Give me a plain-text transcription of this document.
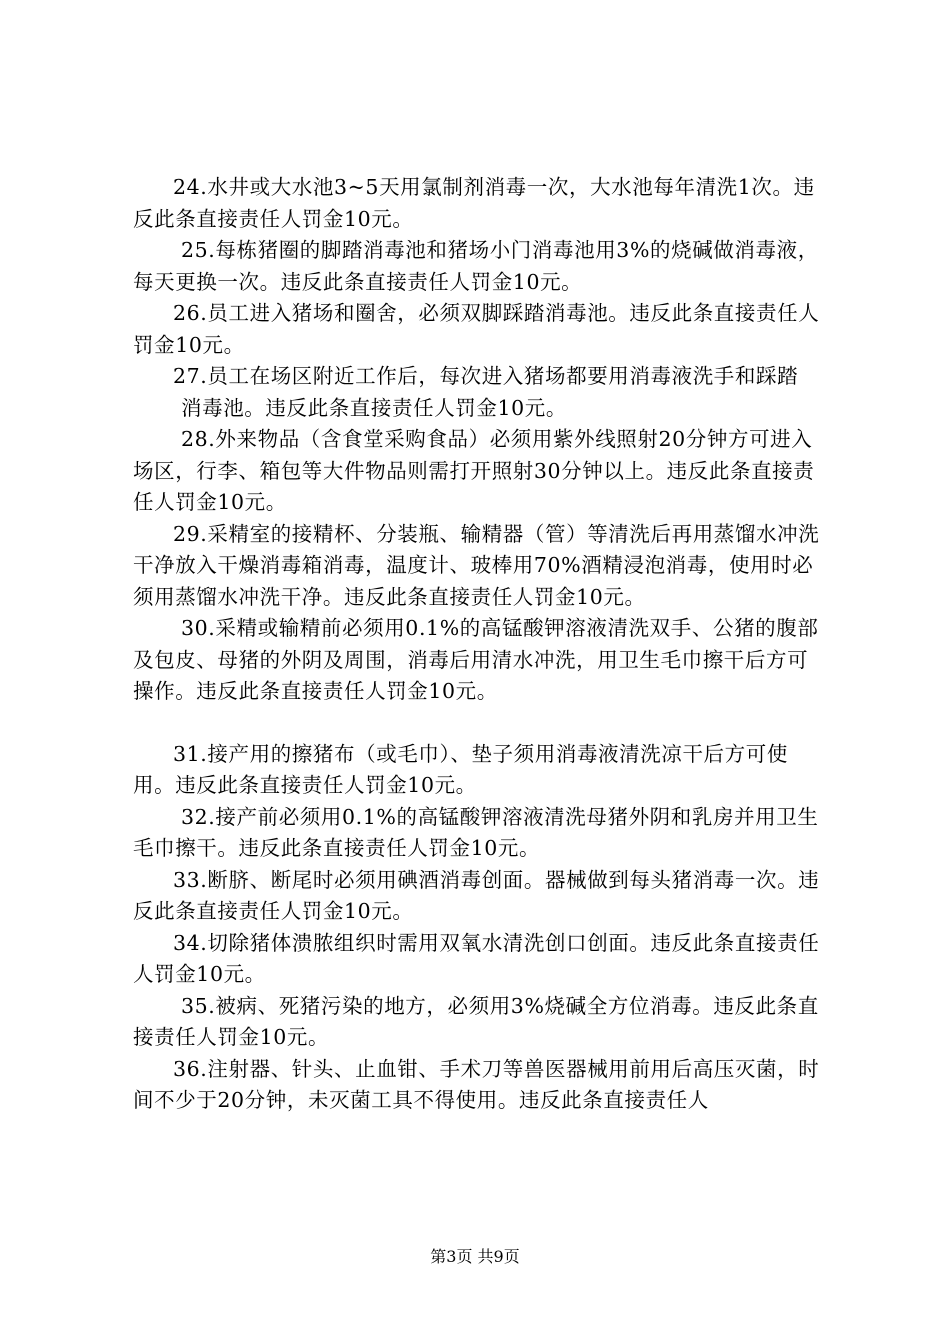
24.水井或大水池3~5天用氯制剂消毒一次，大水池每年清洗1次。违反此条直接责任人罚金10元。

25.每栋猪圈的脚踏消毒池和猪场小门消毒池用3%的烧碱做消毒液，每天更换一次。违反此条直接责任人罚金10元。

26.员工进入猪场和圈舍，必须双脚踩踏消毒池。违反此条直接责任人罚金10元。

27.员工在场区附近工作后，每次进入猪场都要用消毒液洗手和踩踏

消毒池。违反此条直接责任人罚金10元。

28.外来物品（含食堂采购食品）必须用紫外线照射20分钟方可进入场区，行李、箱包等大件物品则需打开照射30分钟以上。违反此条直接责任人罚金10元。

29.采精室的接精杯、分装瓶、输精器（管）等清洗后再用蒸馏水冲洗干净放入干燥消毒箱消毒，温度计、玻棒用70%酒精浸泡消毒，使用时必须用蒸馏水冲洗干净。违反此条直接责任人罚金10元。

30.采精或输精前必须用0.1%的高锰酸钾溶液清洗双手、公猪的腹部及包皮、母猪的外阴及周围，消毒后用清水冲洗，用卫生毛巾擦干后方可操作。违反此条直接责任人罚金10元。

31.接产用的擦猪布（或毛巾）、垫子须用消毒液清洗凉干后方可使用。违反此条直接责任人罚金10元。

32.接产前必须用0.1%的高锰酸钾溶液清洗母猪外阴和乳房并用卫生毛巾擦干。违反此条直接责任人罚金10元。

33.断脐、断尾时必须用碘酒消毒创面。器械做到每头猪消毒一次。违反此条直接责任人罚金10元。

34.切除猪体溃脓组织时需用双氧水清洗创口创面。违反此条直接责任人罚金10元。

35.被病、死猪污染的地方，必须用3%烧碱全方位消毒。违反此条直接责任人罚金10元。

36.注射器、针头、止血钳、手术刀等兽医器械用前用后高压灭菌，时间不少于20分钟，未灭菌工具不得使用。违反此条直接责任人

第3页 共9页
